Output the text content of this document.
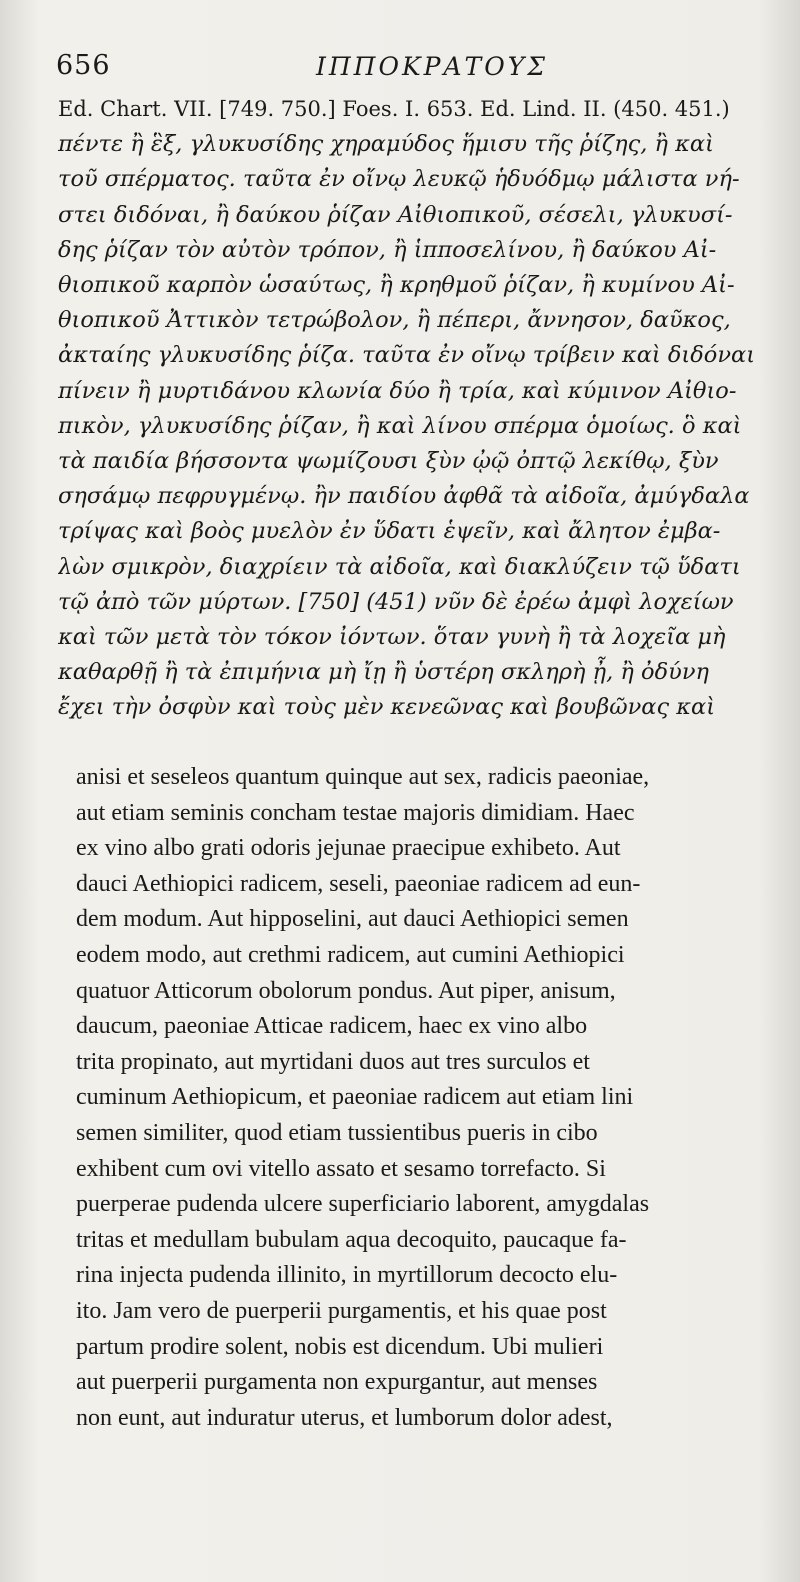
656	ΙΠΠΟΚΡΑΤΟΥΣ
Ed. Chart. VII. [749. 750.] Foes. I. 653. Ed. Lind. II. (450. 451.)
πέντε ἢ ἓξ, γλυκυσίδης χηραμύδος ἥμισυ τῆς ῥίζης, ἢ καὶ
τοῦ σπέρματος. ταῦτα ἐν οἴνῳ λευκῷ ἡδυόδμῳ μάλιστα νή-
στει διδόναι, ἢ δαύκου ῥίζαν Αἰθιοπικοῦ, σέσελι, γλυκυσί-
δης ῥίζαν τὸν αὐτὸν τρόπον, ἢ ἱπποσελίνου, ἢ δαύκου Αἰ-
θιοπικοῦ καρπὸν ὡσαύτως, ἢ κρηθμοῦ ῥίζαν, ἢ κυμίνου Αἰ-
θιοπικοῦ Ἀττικὸν τετρώβολον, ἢ πέπερι, ἄννησον, δαῦκος,
ἀκταίης γλυκυσίδης ῥίζα. ταῦτα ἐν οἴνῳ τρίβειν καὶ διδόναι
πίνειν ἢ μυρτιδάνου κλωνία δύο ἢ τρία, καὶ κύμινον Αἰθιο-
πικὸν, γλυκυσίδης ῥίζαν, ἢ καὶ λίνου σπέρμα ὁμοίως. ὃ καὶ
τὰ παιδία βήσσοντα ψωμίζουσι ξὺν ᾠῷ ὀπτῷ λεκίθῳ, ξὺν
σησάμῳ πεφρυγμένῳ. ἢν παιδίου ἀφθᾶ τὰ αἰδοῖα, ἀμύγδαλα
τρίψας καὶ βοὸς μυελὸν ἐν ὕδατι ἑψεῖν, καὶ ἄλητον ἐμβα-
λὼν σμικρὸν, διαχρίειν τὰ αἰδοῖα, καὶ διακλύζειν τῷ ὕδατι
τῷ ἀπὸ τῶν μύρτων. [750] (451) νῦν δὲ ἐρέω ἀμφὶ λοχείων
καὶ τῶν μετὰ τὸν τόκον ἰόντων. ὅταν γυνὴ ἢ τὰ λοχεῖα μὴ
καθαρθῇ ἢ τὰ ἐπιμήνια μὴ ἴῃ ἢ ὑστέρη σκληρὴ ᾖ, ἢ ὀδύνη
ἔχει τὴν ὀσφὺν καὶ τοὺς μὲν κενεῶνας καὶ βουβῶνας καὶ
anisi et seseleos quantum quinque aut sex, radicis paeoniae,
aut etiam seminis concham testae majoris dimidiam. Haec
ex vino albo grati odoris jejunae praecipue exhibeto. Aut
dauci Aethiopici radicem, seseli, paeoniae radicem ad eun-
dem modum. Aut hipposelini, aut dauci Aethiopici semen
eodem modo, aut crethmi radicem, aut cumini Aethiopici
quatuor Atticorum obolorum pondus. Aut piper, anisum,
daucum, paeoniae Atticae radicem, haec ex vino albo
trita propinato, aut myrtidani duos aut tres surculos et
cuminum Aethiopicum, et paeoniae radicem aut etiam lini
semen similiter, quod etiam tussientibus pueris in cibo
exhibent cum ovi vitello assato et sesamo torrefacto. Si
puerperae pudenda ulcere superficiario laborent, amygdalas
tritas et medullam bubulam aqua decoquito, paucaque fa-
rina injecta pudenda illinito, in myrtillorum decocto elu-
ito. Jam vero de puerperii purgamentis, et his quae post
partum prodire solent, nobis est dicendum. Ubi mulieri
aut puerperii purgamenta non expurgantur, aut menses
non eunt, aut induratur uterus, et lumborum dolor adest,
